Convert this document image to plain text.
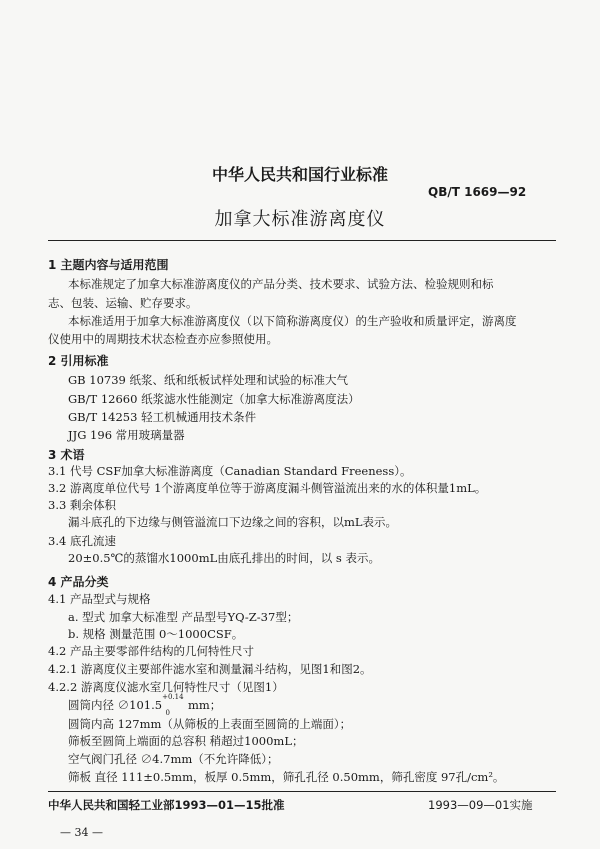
中华人民共和国行业标准
QB/T 1669—92
加拿大标准游离度仪
1 主题内容与适用范围
本标准规定了加拿大标准游离度仪的产品分类、技术要求、试验方法、检验规则和标
志、包装、运输、贮存要求。
本标准适用于加拿大标准游离度仪（以下简称游离度仪）的生产验收和质量评定，游离度
仪使用中的周期技术状态检查亦应参照使用。
2 引用标准
GB 10739 纸浆、纸和纸板试样处理和试验的标准大气
GB/T 12660 纸浆滤水性能测定（加拿大标准游离度法）
GB/T 14253 轻工机械通用技术条件
JJG 196 常用玻璃量器
3 术语
3.1 代号 CSF加拿大标准游离度（Canadian Standard Freeness）。
3.2 游离度单位代号 1个游离度单位等于游离度漏斗侧管溢流出来的水的体积量1mL。
3.3 剩余体积
漏斗底孔的下边缘与侧管溢流口下边缘之间的容积，以mL表示。
3.4 底孔流速
20±0.5℃的蒸馏水1000mL由底孔排出的时间，以 s 表示。
4 产品分类
4.1 产品型式与规格
a. 型式 加拿大标准型 产品型号YQ-Z-37型；
b. 规格 测量范围 0～1000CSF。
4.2 产品主要零部件结构的几何特性尺寸
4.2.1 游离度仪主要部件滤水室和测量漏斗结构，见图1和图2。
4.2.2 游离度仪滤水室几何特性尺寸（见图1）
圆筒内径 $\emptyset 101.5^{+0.14}_0mm$；
圆筒内高 127mm（从筛板的上表面至圆筒的上端面）；
筛板至圆筒上端面的总容积 稍超过1000mL；
空气阀门孔径 ∅4.7mm（不允许降低）；
筛板 直径 111±0.5mm，板厚 0.5mm，筛孔孔径 0.50mm，筛孔密度 97孔/cm²。
中华人民共和国轻工业部1993—01—15批准	1993—09—01实施
— 34 —
